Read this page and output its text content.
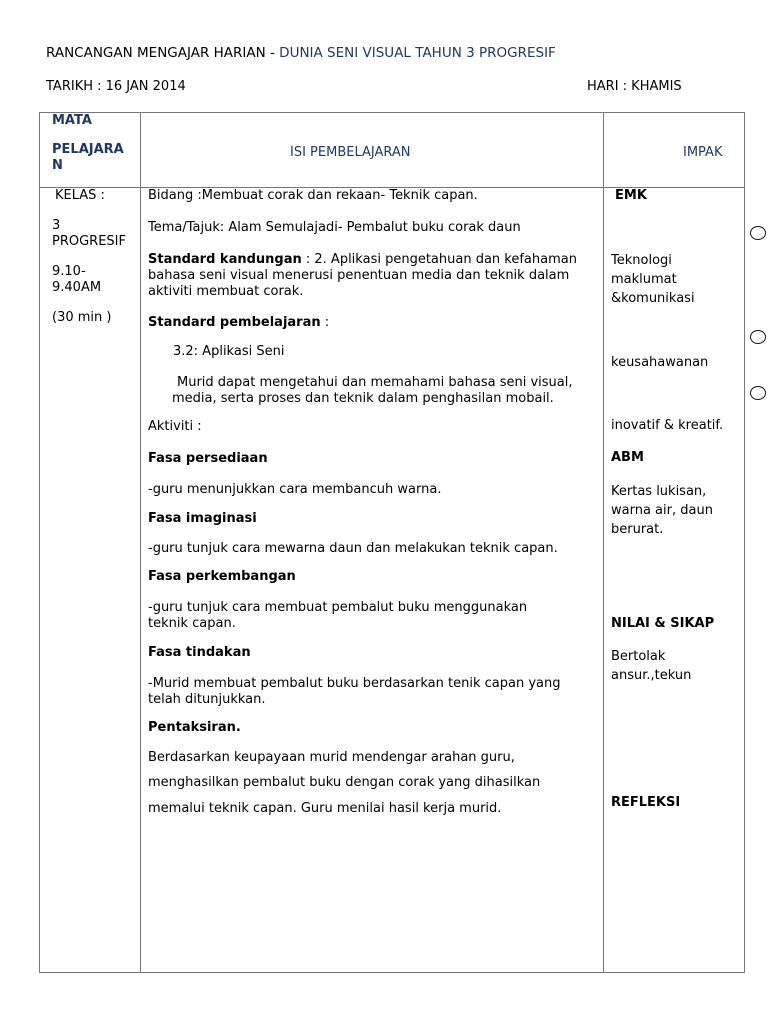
RANCANGAN MENGAJAR HARIAN - DUNIA SENI VISUAL TAHUN 3 PROGRESIF
TARIKH : 16 JAN 2014	HARI : KHAMIS
MATA
PELAJARA
N
ISI PEMBELAJARAN	IMPAK
KELAS :
3
PROGRESIF
9.10-
9.40AM
(30 min )
Bidang :Membuat corak dan rekaan- Teknik capan.
Tema/Tajuk: Alam Semulajadi- Pembalut buku corak daun
Standard kandungan : 2. Aplikasi pengetahuan dan kefahaman bahasa seni visual menerusi penentuan media dan teknik dalam aktiviti membuat corak.
Standard pembelajaran :
3.2: Aplikasi Seni
Murid dapat mengetahui dan memahami bahasa seni visual, media, serta proses dan teknik dalam penghasilan mobail.
Aktiviti :
Fasa persediaan
-guru menunjukkan cara membancuh warna.
Fasa imaginasi
-guru tunjuk cara mewarna daun dan melakukan teknik capan.
Fasa perkembangan
-guru tunjuk cara membuat pembalut buku menggunakan teknik capan.
Fasa tindakan
-Murid membuat pembalut buku berdasarkan tenik capan yang telah ditunjukkan.
Pentaksiran.
Berdasarkan keupayaan murid mendengar arahan guru,
menghasilkan pembalut buku dengan corak yang dihasilkan
memalui teknik capan. Guru menilai hasil kerja murid.
EMK
Teknologi maklumat &komunikasi
keusahawanan
inovatif & kreatif.
ABM
Kertas lukisan, warna air, daun berurat.
NILAI & SIKAP
Bertolak ansur.,tekun
REFLEKSI
